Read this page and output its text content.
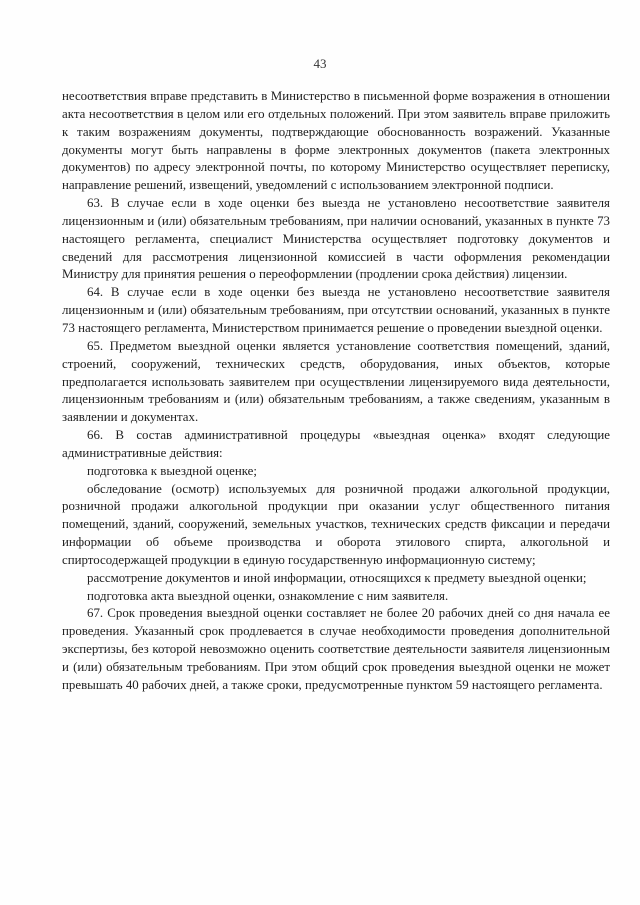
43

несоответствия вправе представить в Министерство в письменной форме возражения в отношении акта несоответствия в целом или его отдельных положений. При этом заявитель вправе приложить к таким возражениям документы, подтверждающие обоснованность возражений. Указанные документы могут быть направлены в форме электронных документов (пакета электронных документов) по адресу электронной почты, по которому Министерство осуществляет переписку, направление решений, извещений, уведомлений с использованием электронной подписи.

63. В случае если в ходе оценки без выезда не установлено несоответствие заявителя лицензионным и (или) обязательным требованиям, при наличии оснований, указанных в пункте 73 настоящего регламента, специалист Министерства осуществляет подготовку документов и сведений для рассмотрения лицензионной комиссией в части оформления рекомендации Министру для принятия решения о переоформлении (продлении срока действия) лицензии.

64. В случае если в ходе оценки без выезда не установлено несоответствие заявителя лицензионным и (или) обязательным требованиям, при отсутствии оснований, указанных в пункте 73 настоящего регламента, Министерством принимается решение о проведении выездной оценки.

65. Предметом выездной оценки является установление соответствия помещений, зданий, строений, сооружений, технических средств, оборудования, иных объектов, которые предполагается использовать заявителем при осуществлении лицензируемого вида деятельности, лицензионным требованиям и (или) обязательным требованиям, а также сведениям, указанным в заявлении и документах.

66. В состав административной процедуры «выездная оценка» входят следующие административные действия:

подготовка к выездной оценке;

обследование (осмотр) используемых для розничной продажи алкогольной продукции, розничной продажи алкогольной продукции при оказании услуг общественного питания помещений, зданий, сооружений, земельных участков, технических средств фиксации и передачи информации об объеме производства и оборота этилового спирта, алкогольной и спиртосодержащей продукции в единую государственную информационную систему;

рассмотрение документов и иной информации, относящихся к предмету выездной оценки;

подготовка акта выездной оценки, ознакомление с ним заявителя.

67. Срок проведения выездной оценки составляет не более 20 рабочих дней со дня начала ее проведения. Указанный срок продлевается в случае необходимости проведения дополнительной экспертизы, без которой невозможно оценить соответствие деятельности заявителя лицензионным и (или) обязательным требованиям. При этом общий срок проведения выездной оценки не может превышать 40 рабочих дней, а также сроки, предусмотренные пунктом 59 настоящего регламента.
